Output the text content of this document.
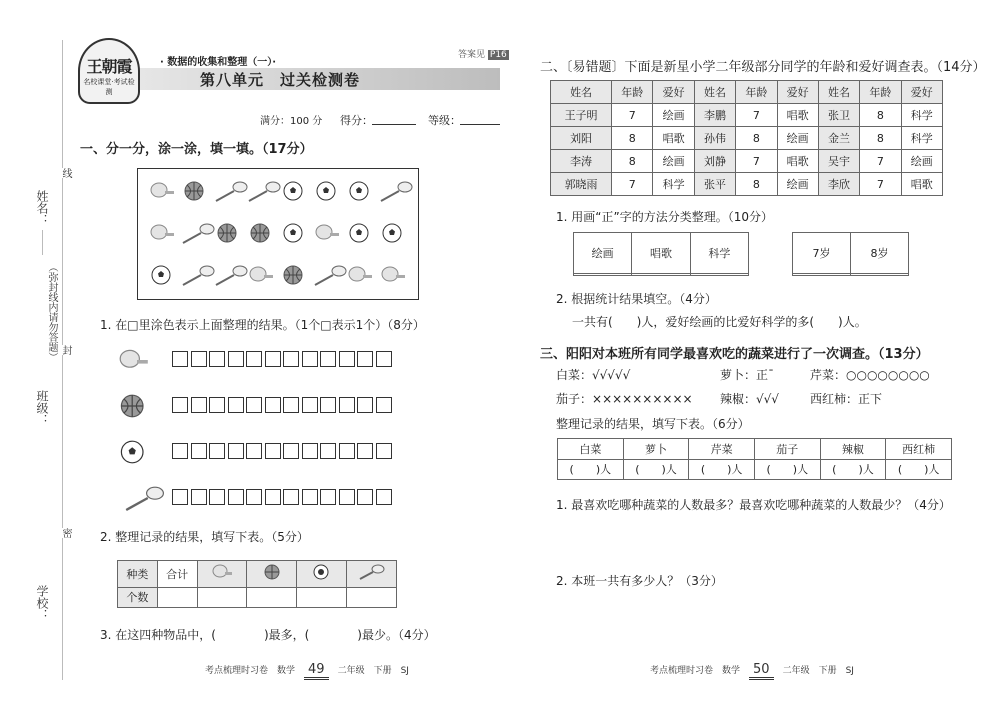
姓名：
（弥封线内请勿答题）
班级：
学校：
线
封
密
王朝霞
名校课堂·考试检测
· 数据的收集和整理（一）·
答案见 P16
第八单元　过关检测卷
满分：100 分 得分：	等级：
一、分一分，涂一涂，填一填。（17分）
1. 在□里涂色表示上面整理的结果。（1个□表示1个）（8分）
2. 整理记录的结果，填写下表。（5分）
种类	合计				
个数					
3. 在这四种物品中，(　　　　)最多，(　　　　)最少。（4分）
考点梳理时习卷　数学　 49　 二年级　下册　SJ
二、〔易错题〕下面是新星小学二年级部分同学的年龄和爱好调查表。（14分）
姓名	年龄	爱好	姓名	年龄	爱好	姓名	年龄	爱好
王子明	7	绘画	李鹏	7	唱歌	张卫	8	科学
刘阳	8	唱歌	孙伟	8	绘画	金兰	8	科学
李涛	8	绘画	刘静	7	唱歌	吴宇	7	绘画
郭晓雨	7	科学	张平	8	绘画	李欣	7	唱歌
1. 用画“正”字的方法分类整理。（10分）
绘画	唱歌	科学
			7岁	8岁

2. 根据统计结果填空。（4分）
一共有(　　)人，爱好绘画的比爱好科学的多(　　)人。
三、阳阳对本班所有同学最喜欢吃的蔬菜进行了一次调查。（13分）
白菜：√√√√√	萝卜：正¯	芹菜：○○○○○○○○
茄子：×××××××××× 辣椒：√√√	西红柿：正下
整理记录的结果，填写下表。（6分）
白菜	萝卜	芹菜	茄子	辣椒	西红柿
(　　)人	(　　)人	(　　)人	(　　)人	(　　)人	(　　)人
1. 最喜欢吃哪种蔬菜的人数最多？最喜欢吃哪种蔬菜的人数最少？（4分）
2. 本班一共有多少人？（3分）
考点梳理时习卷　数学　 50　 二年级　下册　SJ
